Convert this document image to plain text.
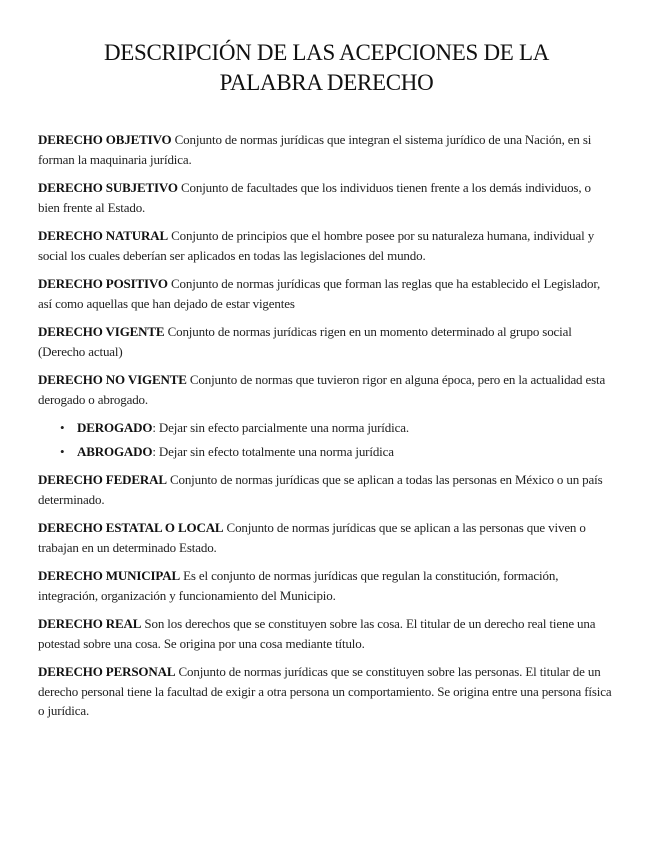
DESCRIPCIÓN DE LAS ACEPCIONES DE LA
PALABRA DERECHO

DERECHO OBJETIVO Conjunto de normas jurídicas que integran el sistema jurídico de una Nación, en si forman la maquinaria jurídica.

DERECHO SUBJETIVO Conjunto de facultades que los individuos tienen frente a los demás individuos, o bien frente al Estado.

DERECHO NATURAL Conjunto de principios que el hombre posee por su naturaleza humana, individual y social los cuales deberían ser aplicados en todas las legislaciones del mundo.

DERECHO POSITIVO Conjunto de normas jurídicas que forman las reglas que ha establecido el Legislador, así como aquellas que han dejado de estar vigentes

DERECHO VIGENTE Conjunto de normas jurídicas rigen en un momento determinado al grupo social (Derecho actual)

DERECHO NO VIGENTE Conjunto de normas que tuvieron rigor en alguna época, pero en la actualidad esta derogado o abrogado.

• DEROGADO: Dejar sin efecto parcialmente una norma jurídica.
• ABROGADO: Dejar sin efecto totalmente una norma jurídica

DERECHO FEDERAL Conjunto de normas jurídicas que se aplican a todas las personas en México o un país determinado.

DERECHO ESTATAL O LOCAL Conjunto de normas jurídicas que se aplican a las personas que viven o trabajan en un determinado Estado.

DERECHO MUNICIPAL Es el conjunto de normas jurídicas que regulan la constitución, formación, integración, organización y funcionamiento del Municipio.

DERECHO REAL Son los derechos que se constituyen sobre las cosa. El titular de un derecho real tiene una potestad sobre una cosa. Se origina por una cosa mediante título.

DERECHO PERSONAL Conjunto de normas jurídicas que se constituyen sobre las personas. El titular de un derecho personal tiene la facultad de exigir a otra persona un comportamiento. Se origina entre una persona física o jurídica.
